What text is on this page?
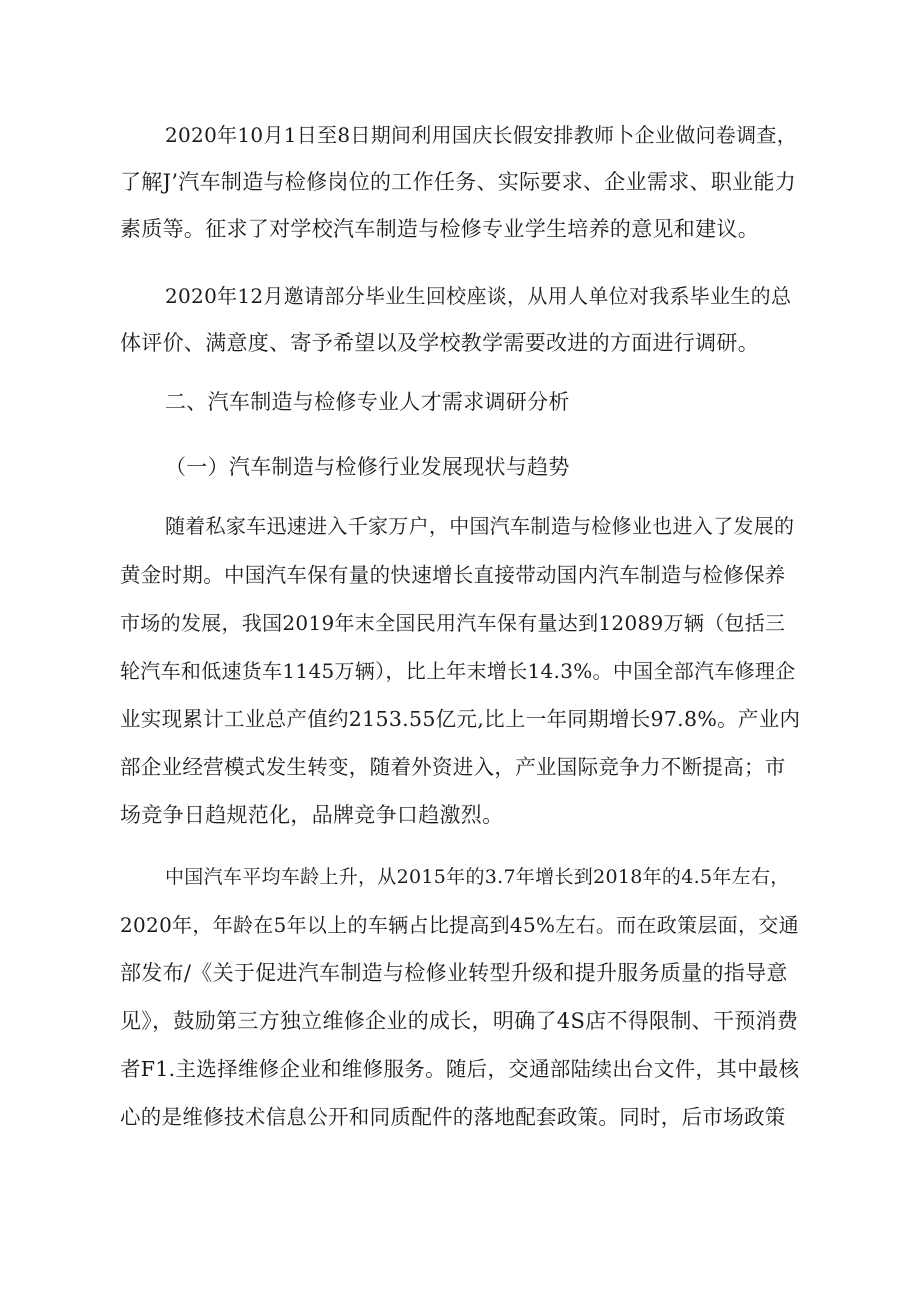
2020年10月1日至8日期间利用国庆长假安排教师卜企业做问卷调查，
了解J’汽车制造与检修岗位的工作任务、实际要求、企业需求、职业能力
素质等。征求了对学校汽车制造与检修专业学生培养的意见和建议。
2020年12月邀请部分毕业生回校座谈，从用人单位对我系毕业生的总
体评价、满意度、寄予希望以及学校教学需要改进的方面进行调研。
二、汽车制造与检修专业人才需求调研分析
（一）汽车制造与检修行业发展现状与趋势
随着私家车迅速进入千家万户，中国汽车制造与检修业也进入了发展的
黄金时期。中国汽车保有量的快速增长直接带动国内汽车制造与检修保养
市场的发展，我国2019年末全国民用汽车保有量达到12089万辆（包括三
轮汽车和低速货车1145万辆），比上年末增长14.3%。中国全部汽车修理企
业实现累计工业总产值约2153.55亿元,比上一年同期增长97.8%。产业内
部企业经营模式发生转变，随着外资进入，产业国际竞争力不断提高；市
场竞争日趋规范化，品牌竞争口趋激烈。
中国汽车平均车龄上升，从2015年的3.7年增长到2018年的4.5年左右，
2020年，年龄在5年以上的车辆占比提高到45%左右。而在政策层面，交通
部发布/《关于促进汽车制造与检修业转型升级和提升服务质量的指导意
见》，鼓励第三方独立维修企业的成长，明确了4S店不得限制、干预消费
者F1.主选择维修企业和维修服务。随后，交通部陆续出台文件，其中最核
心的是维修技术信息公开和同质配件的落地配套政策。同时，后市场政策
